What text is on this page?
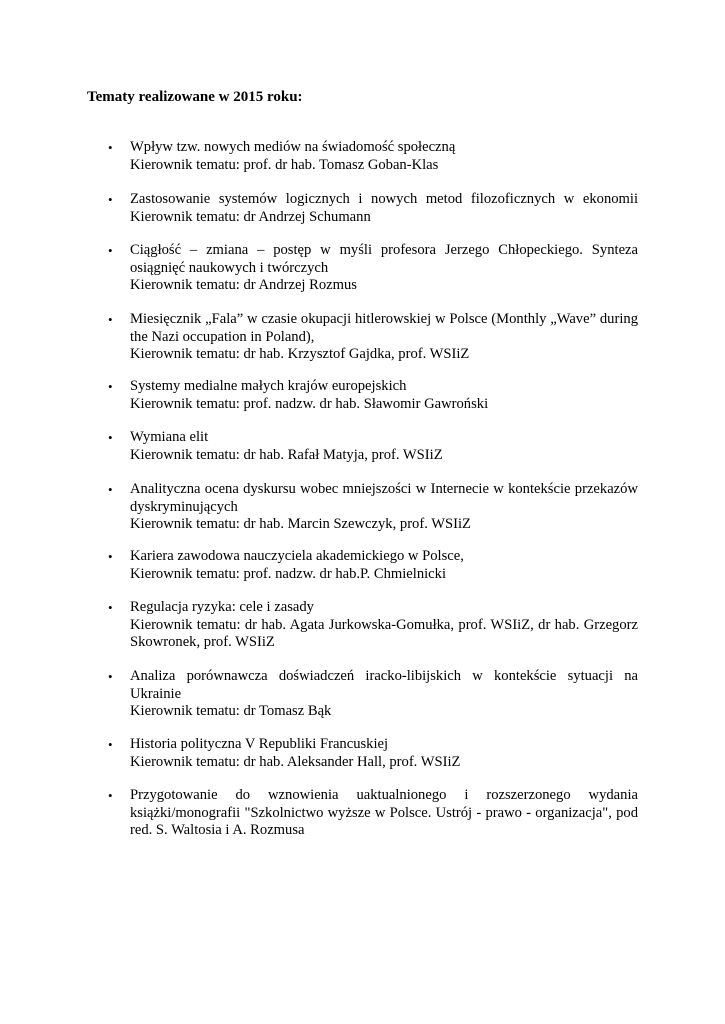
Tematy realizowane w 2015 roku:
• Wpływ tzw. nowych mediów na świadomość społeczną
Kierownik tematu: prof. dr hab. Tomasz Goban-Klas
• Zastosowanie systemów logicznych i nowych metod filozoficznych w ekonomii
Kierownik tematu: dr Andrzej Schumann
• Ciągłość – zmiana – postęp w myśli profesora Jerzego Chłopeckiego. Synteza osiągnięć naukowych i twórczych
Kierownik tematu: dr Andrzej Rozmus
• Miesięcznik „Fala” w czasie okupacji hitlerowskiej w Polsce (Monthly „Wave” during the Nazi occupation in Poland),
Kierownik tematu: dr hab. Krzysztof Gajdka, prof. WSIiZ
• Systemy medialne małych krajów europejskich
Kierownik tematu: prof. nadzw. dr hab. Sławomir Gawroński
• Wymiana elit
Kierownik tematu: dr hab. Rafał Matyja, prof. WSIiZ
• Analityczna ocena dyskursu wobec mniejszości w Internecie w kontekście przekazów dyskryminujących
Kierownik tematu: dr hab. Marcin Szewczyk, prof. WSIiZ
• Kariera zawodowa nauczyciela akademickiego w Polsce,
Kierownik tematu: prof. nadzw. dr hab.P. Chmielnicki
• Regulacja ryzyka: cele i zasady
Kierownik tematu: dr hab. Agata Jurkowska-Gomułka, prof. WSIiZ, dr hab. Grzegorz Skowronek, prof. WSIiZ
• Analiza porównawcza doświadczeń iracko-libijskich w kontekście sytuacji na Ukrainie
Kierownik tematu: dr Tomasz Bąk
• Historia polityczna V Republiki Francuskiej
Kierownik tematu: dr hab. Aleksander Hall, prof. WSIiZ
• Przygotowanie do wznowienia uaktualnionego i rozszerzonego wydania książki/monografii "Szkolnictwo wyższe w Polsce. Ustrój - prawo - organizacja", pod red. S. Waltosia i A. Rozmusa
